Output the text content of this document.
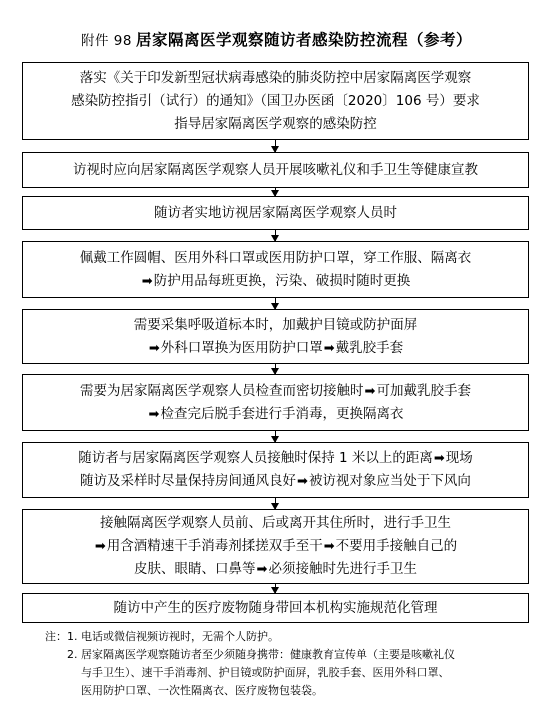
附件 98 居家隔离医学观察随访者感染防控流程（参考）
落实《关于印发新型冠状病毒感染的肺炎防控中居家隔离医学观察
感染防控指引（试行）的通知》（国卫办医函〔2020〕106 号）要求
指导居家隔离医学观察的感染防控
访视时应向居家隔离医学观察人员开展咳嗽礼仪和手卫生等健康宣教
随访者实地访视居家隔离医学观察人员时
佩戴工作圆帽、医用外科口罩或医用防护口罩，穿工作服、隔离衣
➡防护用品每班更换，污染、破损时随时更换
需要采集呼吸道标本时，加戴护目镜或防护面屏
➡外科口罩换为医用防护口罩➡戴乳胶手套
需要为居家隔离医学观察人员检查而密切接触时➡可加戴乳胶手套
➡检查完后脱手套进行手消毒，更换隔离衣
随访者与居家隔离医学观察人员接触时保持 1 米以上的距离➡现场
随访及采样时尽量保持房间通风良好➡被访视对象应当处于下风向
接触隔离医学观察人员前、后或离开其住所时，进行手卫生
➡用含酒精速干手消毒剂揉搓双手至干➡不要用手接触自己的
皮肤、眼睛、口鼻等➡必须接触时先进行手卫生
随访中产生的医疗废物随身带回本机构实施规范化管理
注：1. 电话或微信视频访视时，无需个人防护。
2. 居家隔离医学观察随访者至少须随身携带：健康教育宣传单（主要是咳嗽礼仪
与手卫生）、速干手消毒剂、护目镜或防护面屏，乳胶手套、医用外科口罩、
医用防护口罩、一次性隔离衣、医疗废物包装袋。
